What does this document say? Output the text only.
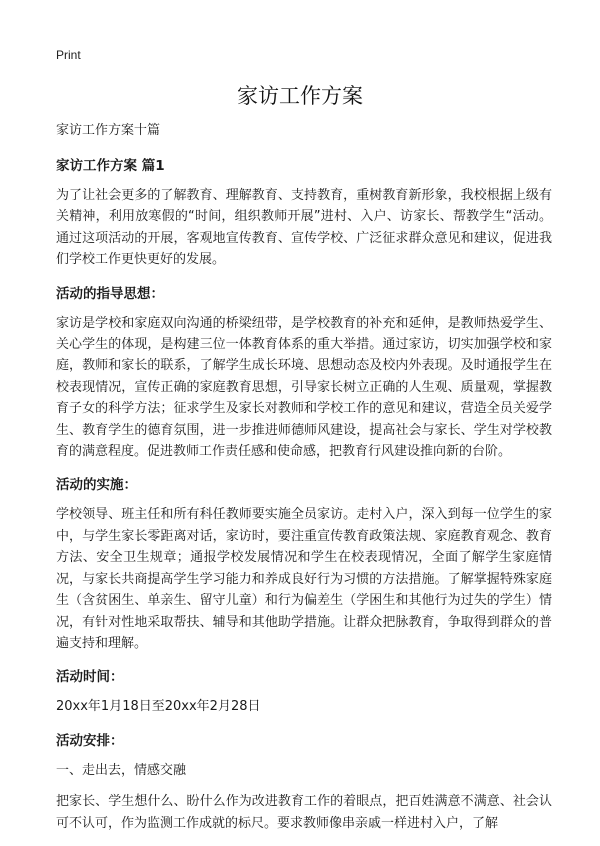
Print
家访工作方案

家访工作方案十篇

家访工作方案 篇1

为了让社会更多的了解教育、理解教育、支持教育，重树教育新形象，我校根据上级有关精神，利用放寒假的“时间，组织教师开展”进村、入户、访家长、帮教学生“活动。通过这项活动的开展，客观地宣传教育、宣传学校、广泛征求群众意见和建议，促进我们学校工作更快更好的发展。

活动的指导思想：

家访是学校和家庭双向沟通的桥梁纽带，是学校教育的补充和延伸，是教师热爱学生、关心学生的体现，是构建三位一体教育体系的重大举措。通过家访，切实加强学校和家庭，教师和家长的联系，了解学生成长环境、思想动态及校内外表现。及时通报学生在校表现情况，宣传正确的家庭教育思想，引导家长树立正确的人生观、质量观，掌握教育子女的科学方法；征求学生及家长对教师和学校工作的意见和建议，营造全员关爱学生、教育学生的德育氛围，进一步推进师德师风建设，提高社会与家长、学生对学校教育的满意程度。促进教师工作责任感和使命感，把教育行风建设推向新的台阶。

活动的实施：

学校领导、班主任和所有科任教师要实施全员家访。走村入户，深入到每一位学生的家中，与学生家长零距离对话，家访时，要注重宣传教育政策法规、家庭教育观念、教育方法、安全卫生规章；通报学校发展情况和学生在校表现情况，全面了解学生家庭情况，与家长共商提高学生学习能力和养成良好行为习惯的方法措施。了解掌握特殊家庭生（含贫困生、单亲生、留守儿童）和行为偏差生（学困生和其他行为过失的学生）情况，有针对性地采取帮扶、辅导和其他助学措施。让群众把脉教育，争取得到群众的普遍支持和理解。

活动时间：

20xx年1月18日至20xx年2月28日

活动安排：

一、走出去，情感交融

把家长、学生想什么、盼什么作为改进教育工作的着眼点，把百姓满意不满意、社会认可不认可，作为监测工作成就的标尺。要求教师像串亲戚一样进村入户，了解
